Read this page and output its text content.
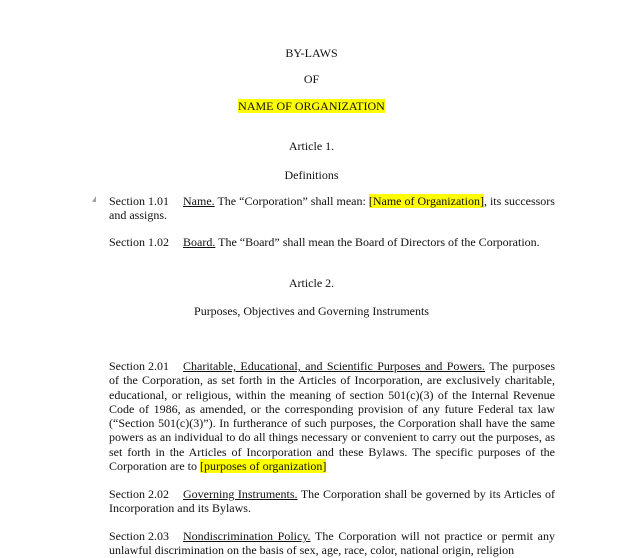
BY-LAWS
OF
NAME OF ORGANIZATION
Article 1.
Definitions
Section 1.01 Name. The “Corporation” shall mean: [Name of Organization], its successors and assigns.
Section 1.02 Board. The “Board” shall mean the Board of Directors of the Corporation.
Article 2.
Purposes, Objectives and Governing Instruments
Section 2.01 Charitable, Educational, and Scientific Purposes and Powers. The purposes of the Corporation, as set forth in the Articles of Incorporation, are exclusively charitable, educational, or religious, within the meaning of section 501(c)(3) of the Internal Revenue Code of 1986, as amended, or the corresponding provision of any future Federal tax law (“Section 501(c)(3)”). In furtherance of such purposes, the Corporation shall have the same powers as an individual to do all things necessary or convenient to carry out the purposes, as set forth in the Articles of Incorporation and these Bylaws. The specific purposes of the Corporation are to [purposes of organization]
Section 2.02 Governing Instruments. The Corporation shall be governed by its Articles of Incorporation and its Bylaws.
Section 2.03 Nondiscrimination Policy. The Corporation will not practice or permit any unlawful discrimination on the basis of sex, age, race, color, national origin, religion
